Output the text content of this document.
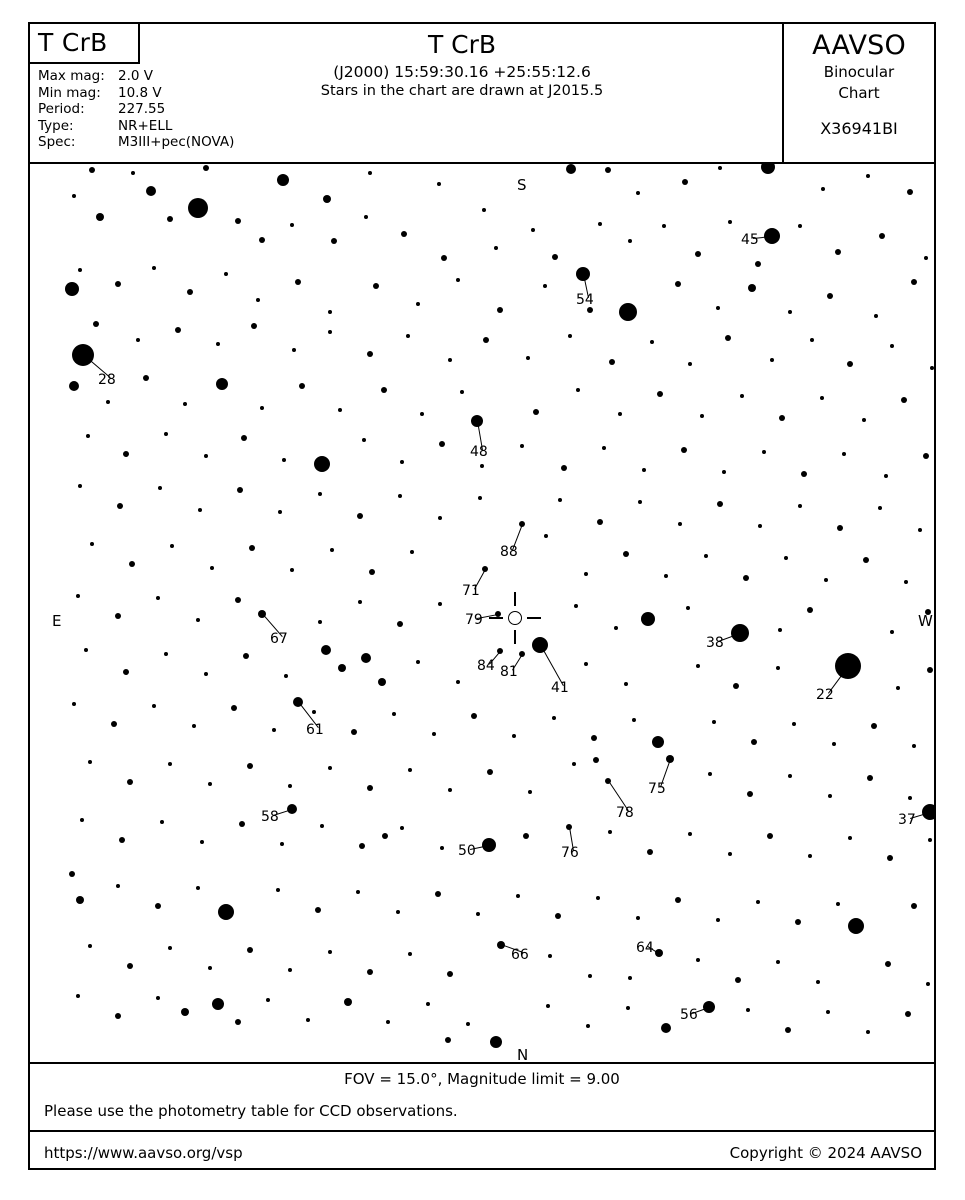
T CrB	T CrB
(J2000) 15:59:30.16 +25:55:12.6
Stars in the chart are drawn at J2015.5
Max mag: 2.0 V
Min mag: 10.8 V
Period: 227.55
Type:	NR+ELL
Spec:	M3III+pec(NOVA)
AAVSO
Binocular
Chart
X36941BI
45
54
28
48
88
71
79
67
84 81
41
38
22
61
75
78
58	37
76
50
66	64
56
S
E	W
N
FOV = 15.0°, Magnitude limit = 9.00
Please use the photometry table for CCD observations.
https://www.aavso.org/vsp	Copyright © 2024 AAVSO
